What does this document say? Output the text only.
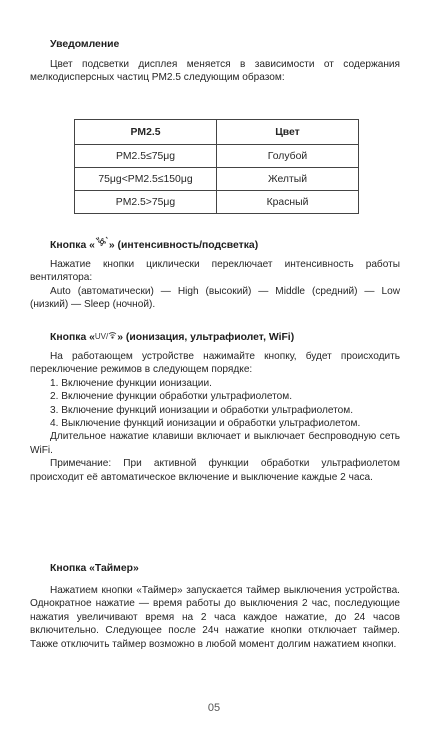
Уведомление

Цвет подсветки дисплея меняется в зависимости от содержания мелкодисперсных частиц PM2.5 следующим образом:

PM2.5	Цвет
PM2.5≤75μg	Голубой
75μg<PM2.5≤150μg	Желтый
PM2.5>75μg	Красный
Кнопка « » (интенсивность/подсветка)

Нажатие кнопки циклически переключает интенсивность работы вентилятора:

Auto (автоматически) — High (высокий) — Middle (средний) — Low (низкий) — Sleep (ночной).

Кнопка «UV/ » (ионизация, ультрафиолет, WiFi)

На работающем устройстве нажимайте кнопку, будет происходить переключение режимов в следующем порядке:

1. Включение функции ионизации.

2. Включение функции обработки ультрафиолетом.

3. Включение функций ионизации и обработки ультрафиолетом.

4. Выключение функций ионизации и обработки ультрафиолетом.

Длительное нажатие клавиши включает и выключает беспроводную сеть WiFi.

Примечание: При активной функции обработки ультрафиолетом происходит её автоматическое включение и выключение каждые 2 часа.

Кнопка «Таймер»

Нажатием кнопки «Таймер» запускается таймер выключения устройства. Однократное нажатие — время работы до выключения 2 час, последующие нажатия увеличивают время на 2 часа каждое нажатие, до 24 часов включительно. Следующее после 24ч нажатие кнопки отключает таймер. Также отключить таймер возможно в любой момент долгим нажатием кнопки.

05
